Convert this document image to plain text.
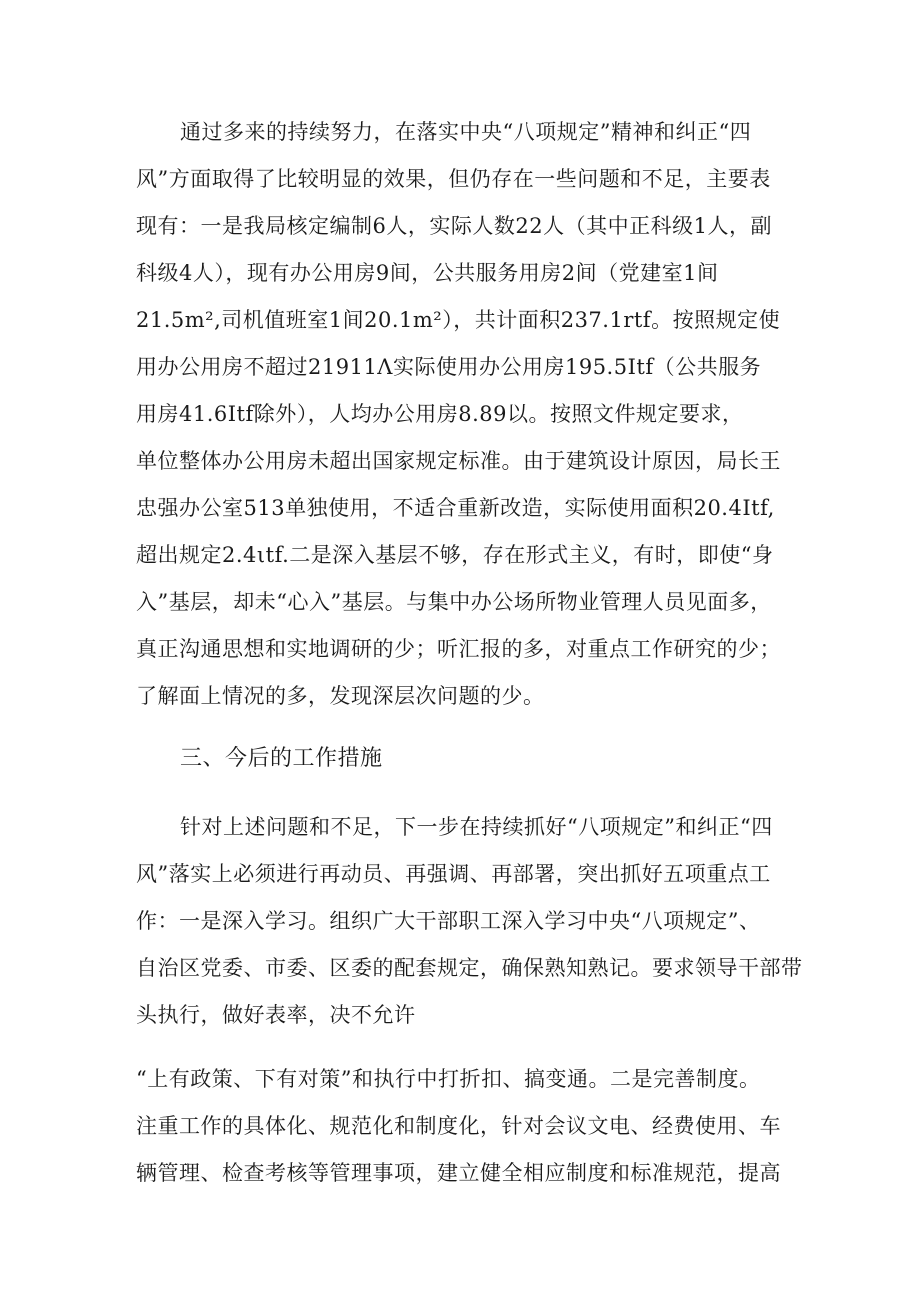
通过多来的持续努力，在落实中央“八项规定”精神和纠正“四
风”方面取得了比较明显的效果，但仍存在一些问题和不足，主要表
现有：一是我局核定编制6人，实际人数22人（其中正科级1人，副
科级4人），现有办公用房9间，公共服务用房2间（党建室1间
21.5m²,司机值班室1间20.1m²），共计面积237.1rtf。按照规定使
用办公用房不超过21911Λ实际使用办公用房195.5Itf（公共服务
用房41.6Itf除外），人均办公用房8.89以。按照文件规定要求，
单位整体办公用房未超出国家规定标准。由于建筑设计原因，局长王
忠强办公室513单独使用，不适合重新改造，实际使用面积20.4Itf,
超出规定2.4ιtf.二是深入基层不够，存在形式主义，有时，即使“身
入”基层，却未“心入”基层。与集中办公场所物业管理人员见面多，
真正沟通思想和实地调研的少；听汇报的多，对重点工作研究的少；
了解面上情况的多，发现深层次问题的少。
三、今后的工作措施
针对上述问题和不足，下一步在持续抓好“八项规定”和纠正“四
风”落实上必须进行再动员、再强调、再部署，突出抓好五项重点工
作：一是深入学习。组织广大干部职工深入学习中央“八项规定”、
自治区党委、市委、区委的配套规定，确保熟知熟记。要求领导干部带
头执行，做好表率，决不允许
“上有政策、下有对策”和执行中打折扣、搞变通。二是完善制度。
注重工作的具体化、规范化和制度化，针对会议文电、经费使用、车
辆管理、检查考核等管理事项，建立健全相应制度和标准规范，提高
